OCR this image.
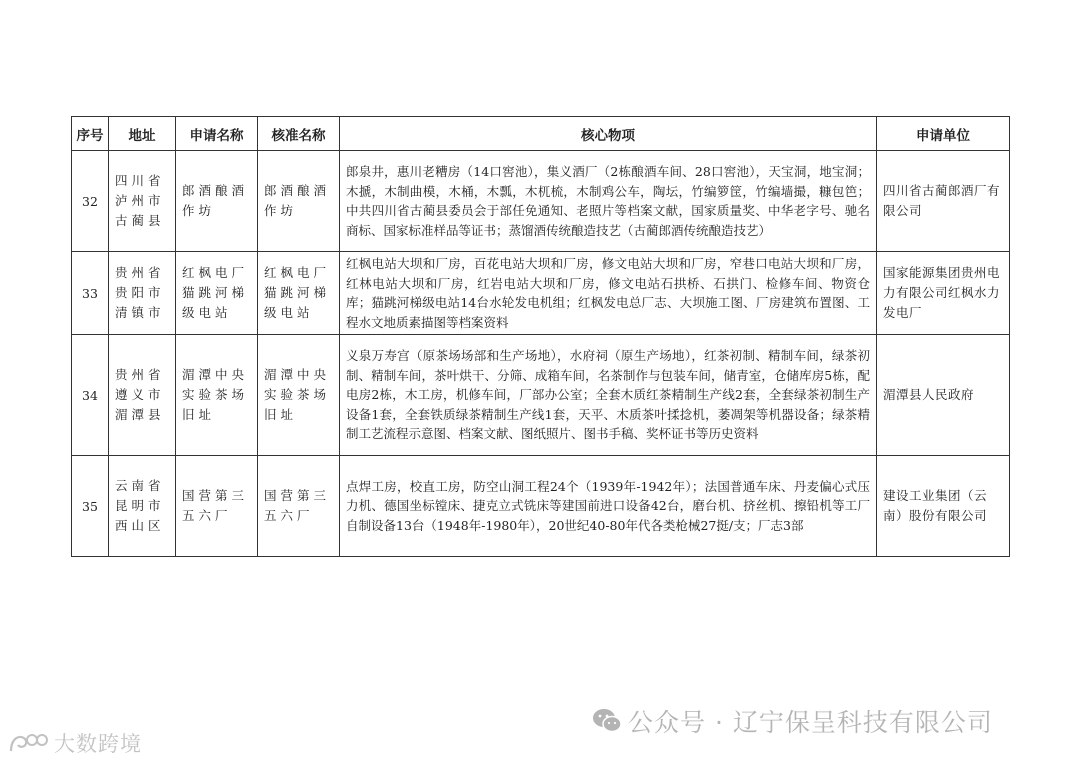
序号	地址	申请名称	核准名称	核心物项	申请单位
32	四川省泸州市古蔺县	郎酒酿酒作坊	郎酒酿酒作坊	郎泉井，惠川老糟房（14口窖池），集义酒厂（2栋酿酒车间、28口窖池），天宝洞，地宝洞；木搋，木制曲模，木桶，木瓢，木杌梳，木制鸡公车，陶坛，竹编箩筐，竹编墙撮，糠包笆；中共四川省古蔺县委员会于部任免通知、老照片等档案文献，国家质量奖、中华老字号、驰名商标、国家标准样品等证书；蒸馏酒传统酿造技艺（古蔺郎酒传统酿造技艺）	四川省古蔺郎酒厂有限公司
33	贵州省贵阳市清镇市	红枫电厂猫跳河梯级电站	红枫电厂猫跳河梯级电站	红枫电站大坝和厂房，百花电站大坝和厂房，修文电站大坝和厂房，窄巷口电站大坝和厂房，红林电站大坝和厂房，红岩电站大坝和厂房，修文电站石拱桥、石拱门、检修车间、物资仓库；猫跳河梯级电站14台水轮发电机组；红枫发电总厂志、大坝施工图、厂房建筑布置图、工程水文地质素描图等档案资料	国家能源集团贵州电力有限公司红枫水力发电厂
34	贵州省遵义市湄潭县	湄潭中央实验茶场旧址	湄潭中央实验茶场旧址	义泉万寿宫（原茶场场部和生产场地），水府祠（原生产场地），红茶初制、精制车间，绿茶初制、精制车间，茶叶烘干、分筛、成箱车间，名茶制作与包装车间，储青室，仓储库房5栋，配电房2栋，木工房，机修车间，厂部办公室；全套木质红茶精制生产线2套，全套绿茶初制生产设备1套，全套铁质绿茶精制生产线1套，天平、木质茶叶揉捻机，萎凋架等机器设备；绿茶精制工艺流程示意图、档案文献、图纸照片、图书手稿、奖杯证书等历史资料	湄潭县人民政府
35	云南省昆明市西山区	国营第三五六厂	国营第三五六厂	点焊工房，校直工房，防空山洞工程24个（1939年-1942年）；法国普通车床、丹麦偏心式压力机、德国坐标镗床、捷克立式铣床等建国前进口设备42台，磨台机、挤丝机、擦铅机等工厂自制设备13台（1948年-1980年），20世纪40-80年代各类枪械27挺/支；厂志3部	建设工业集团（云南）股份有限公司
公众号 · 辽宁保呈科技有限公司
大数跨境
